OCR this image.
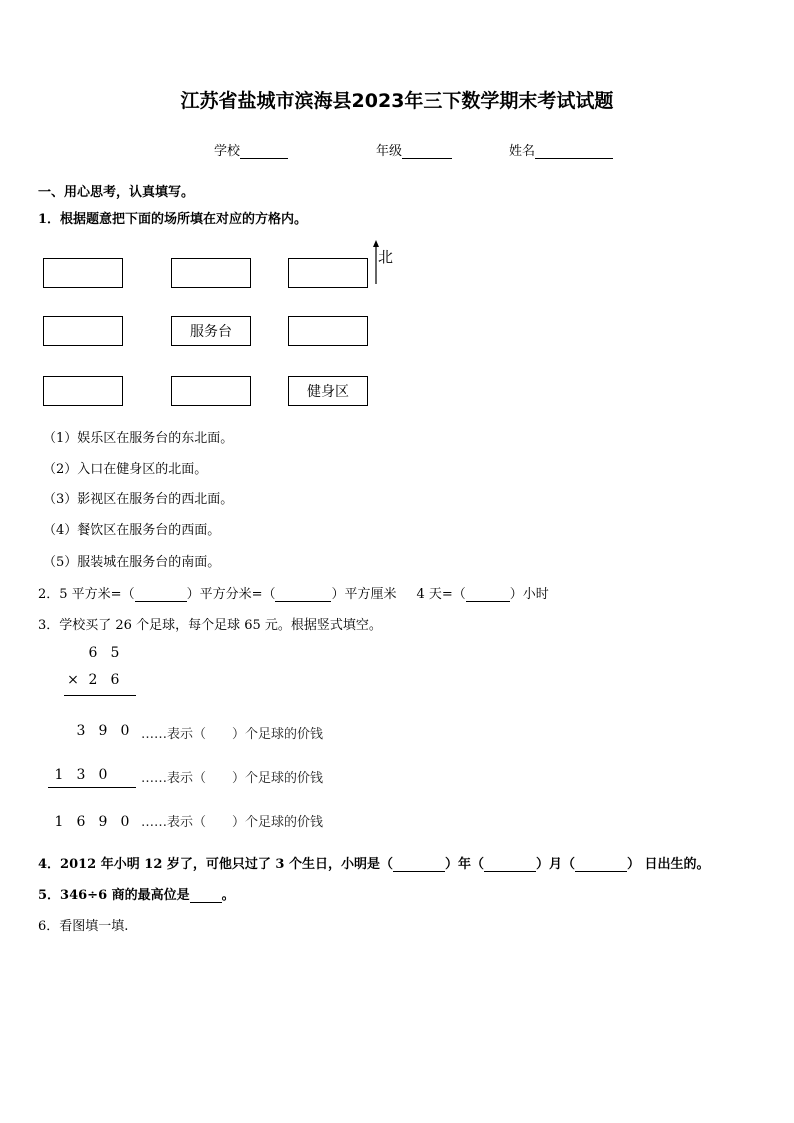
江苏省盐城市滨海县2023年三下数学期末考试试题
学校	年级	姓名
一、用心思考，认真填写。
1．根据题意把下面的场所填在对应的方格内。
服务台
健身区
北
（1）娱乐区在服务台的东北面。
（2）入口在健身区的北面。
（3）影视区在服务台的西北面。
（4）餐饮区在服务台的西面。
（5）服装城在服务台的南面。
2．5 平方米=（	）平方分米=（	）平方厘米 4 天=（	）小时
3．学校买了 26 个足球，每个足球 65 元。根据竖式填空。
6 5
× 2 6
3 9 0 ……表示（　　）个足球的价钱
1 3 0	……表示（　　）个足球的价钱
1 6 9 0 ……表示（　　）个足球的价钱
4．2012 年小明 12 岁了，可他只过了 3 个生日，小明是（	）年（	）月（	） 日出生的。
5．346÷6 商的最高位是 。
6．看图填一填.
